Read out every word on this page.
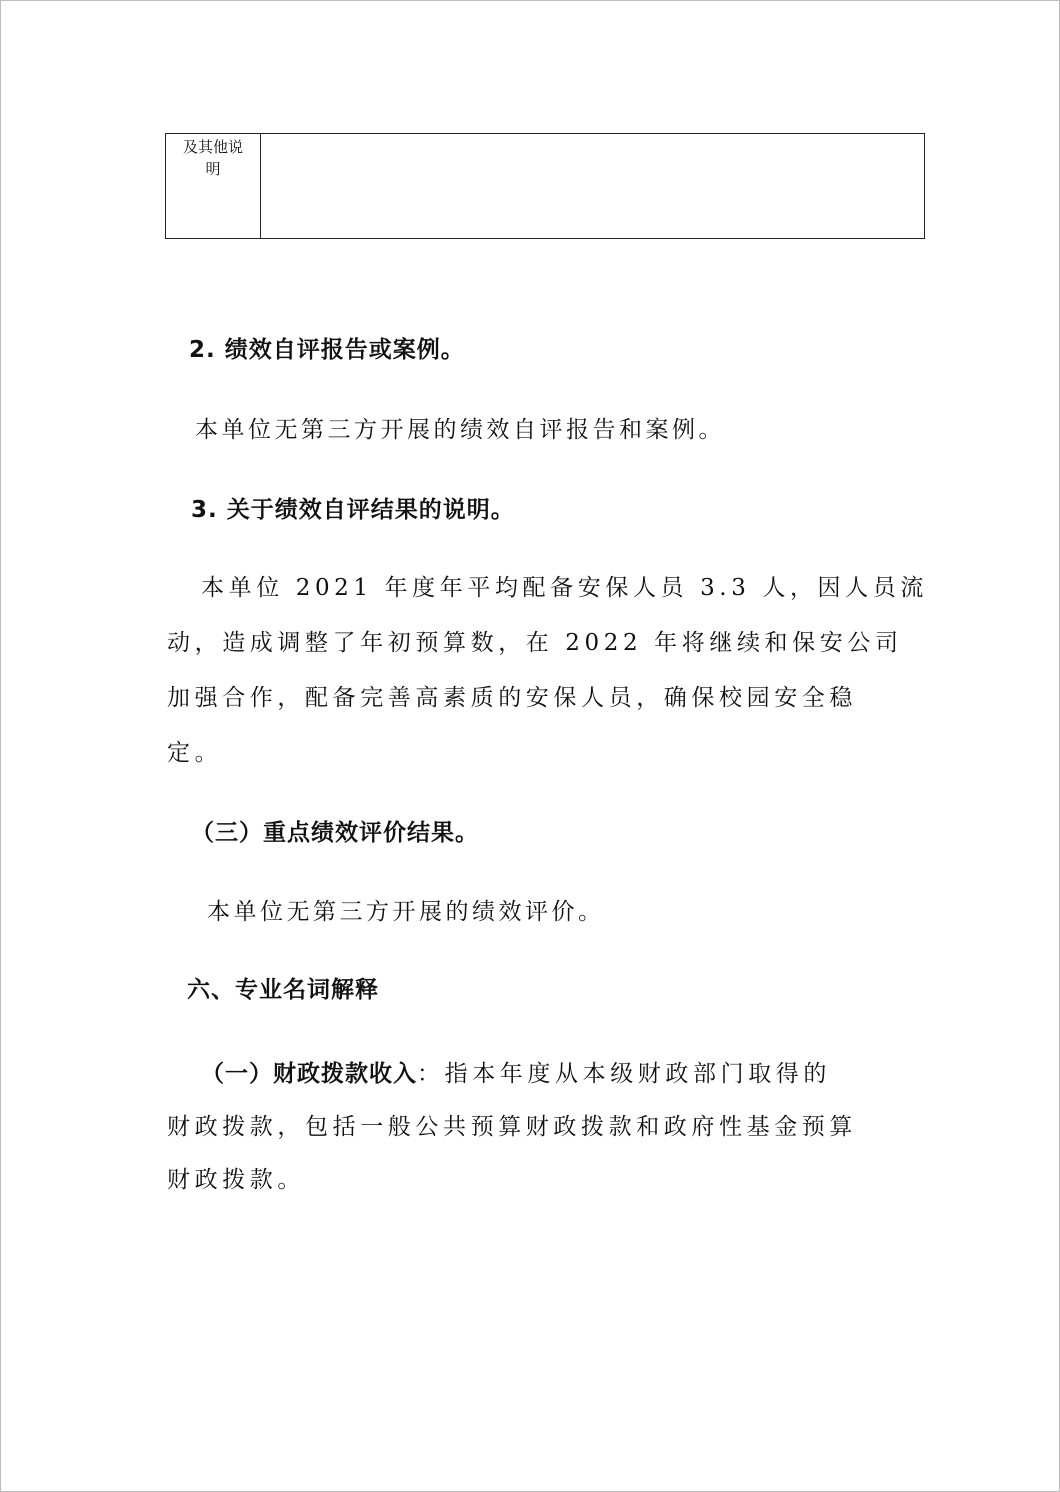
及其他说
明
2. 绩效自评报告或案例。
本单位无第三方开展的绩效自评报告和案例。
3. 关于绩效自评结果的说明。
本单位 2021 年度年平均配备安保人员 3.3 人，因人员流
动，造成调整了年初预算数，在 2022 年将继续和保安公司
加强合作，配备完善高素质的安保人员，确保校园安全稳
定。
（三）重点绩效评价结果。
本单位无第三方开展的绩效评价。
六、专业名词解释
（一）财政拨款收入：指本年度从本级财政部门取得的
财政拨款，包括一般公共预算财政拨款和政府性基金预算
财政拨款。
